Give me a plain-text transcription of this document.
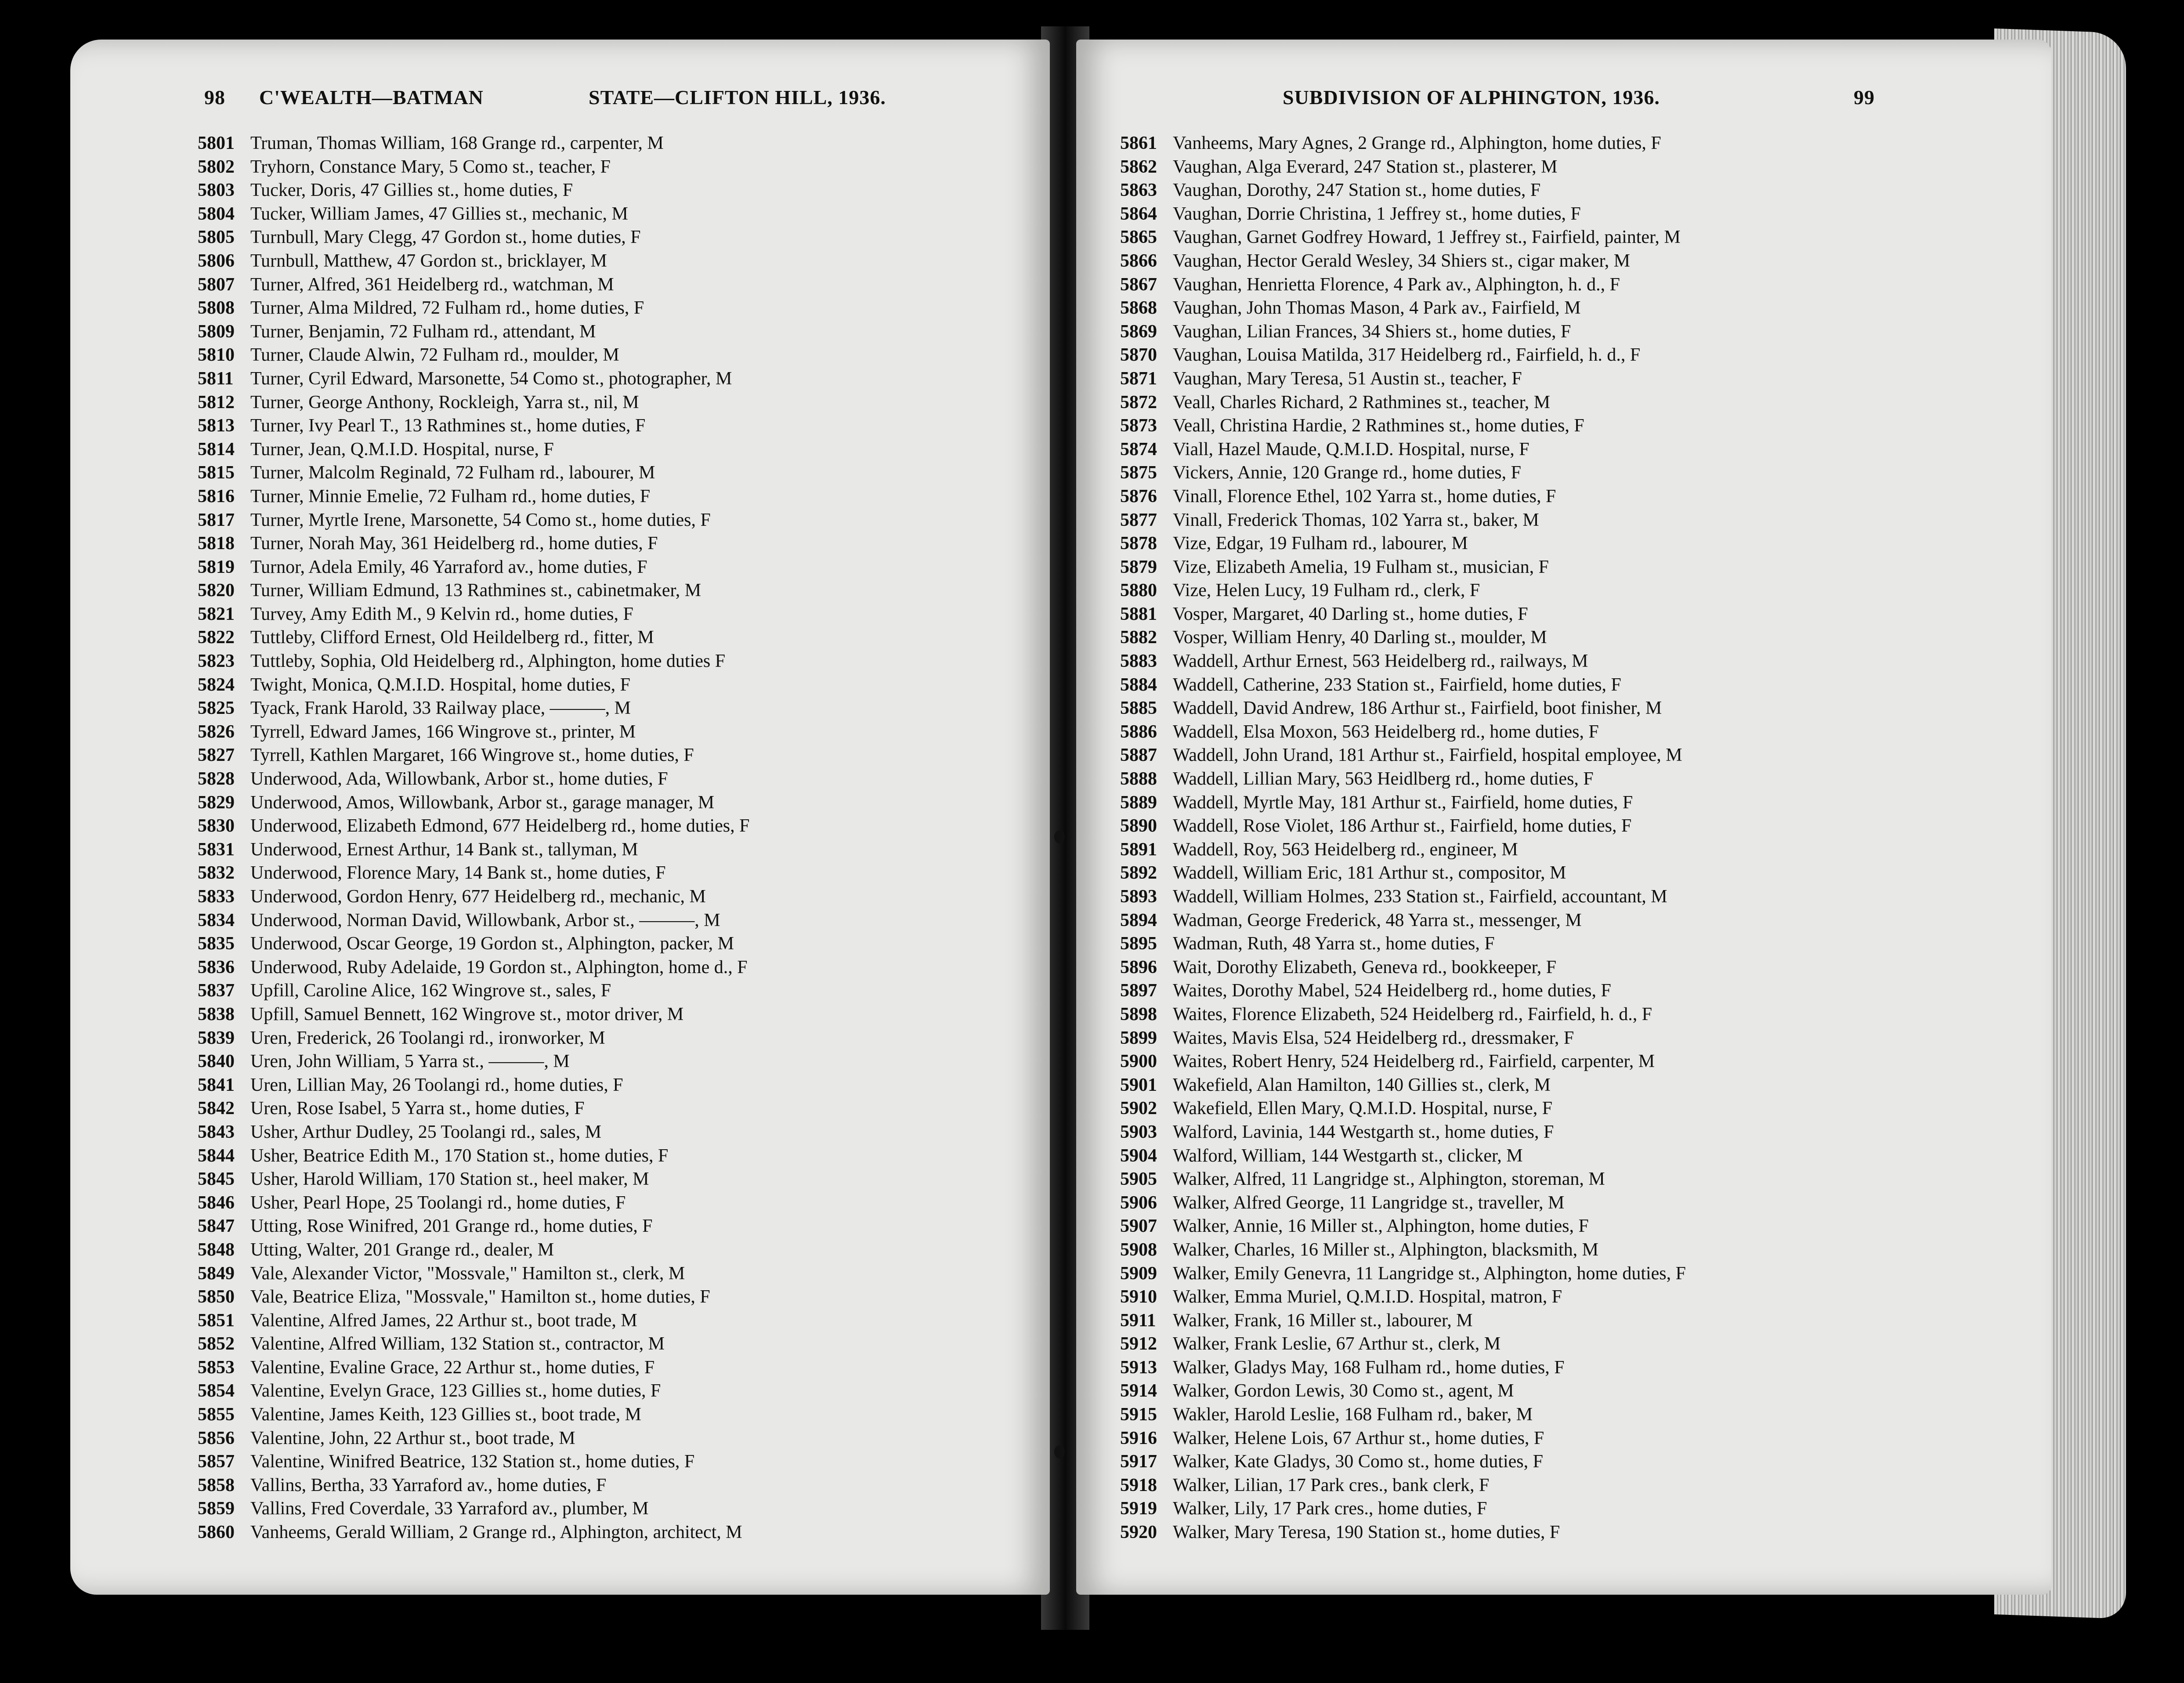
98 C'WEALTH—BATMAN	STATE—CLIFTON HILL, 1936.
5801 Truman, Thomas William, 168 Grange rd., carpenter, M
5802 Tryhorn, Constance Mary, 5 Como st., teacher, F
5803 Tucker, Doris, 47 Gillies st., home duties, F
5804 Tucker, William James, 47 Gillies st., mechanic, M
5805 Turnbull, Mary Clegg, 47 Gordon st., home duties, F
5806 Turnbull, Matthew, 47 Gordon st., bricklayer, M
5807 Turner, Alfred, 361 Heidelberg rd., watchman, M
5808 Turner, Alma Mildred, 72 Fulham rd., home duties, F
5809 Turner, Benjamin, 72 Fulham rd., attendant, M
5810 Turner, Claude Alwin, 72 Fulham rd., moulder, M
5811 Turner, Cyril Edward, Marsonette, 54 Como st., photographer, M
5812 Turner, George Anthony, Rockleigh, Yarra st., nil, M
5813 Turner, Ivy Pearl T., 13 Rathmines st., home duties, F
5814 Turner, Jean, Q.M.I.D. Hospital, nurse, F
5815 Turner, Malcolm Reginald, 72 Fulham rd., labourer, M
5816 Turner, Minnie Emelie, 72 Fulham rd., home duties, F
5817 Turner, Myrtle Irene, Marsonette, 54 Como st., home duties, F
5818 Turner, Norah May, 361 Heidelberg rd., home duties, F
5819 Turnor, Adela Emily, 46 Yarraford av., home duties, F
5820 Turner, William Edmund, 13 Rathmines st., cabinetmaker, M
5821 Turvey, Amy Edith M., 9 Kelvin rd., home duties, F
5822 Tuttleby, Clifford Ernest, Old Heildelberg rd., fitter, M
5823 Tuttleby, Sophia, Old Heidelberg rd., Alphington, home duties F
5824 Twight, Monica, Q.M.I.D. Hospital, home duties, F
5825 Tyack, Frank Harold, 33 Railway place, ———, M
5826 Tyrrell, Edward James, 166 Wingrove st., printer, M
5827 Tyrrell, Kathlen Margaret, 166 Wingrove st., home duties, F
5828 Underwood, Ada, Willowbank, Arbor st., home duties, F
5829 Underwood, Amos, Willowbank, Arbor st., garage manager, M
5830 Underwood, Elizabeth Edmond, 677 Heidelberg rd., home duties, F
5831 Underwood, Ernest Arthur, 14 Bank st., tallyman, M
5832 Underwood, Florence Mary, 14 Bank st., home duties, F
5833 Underwood, Gordon Henry, 677 Heidelberg rd., mechanic, M
5834 Underwood, Norman David, Willowbank, Arbor st., ———, M
5835 Underwood, Oscar George, 19 Gordon st., Alphington, packer, M
5836 Underwood, Ruby Adelaide, 19 Gordon st., Alphington, home d., F
5837 Upfill, Caroline Alice, 162 Wingrove st., sales, F
5838 Upfill, Samuel Bennett, 162 Wingrove st., motor driver, M
5839 Uren, Frederick, 26 Toolangi rd., ironworker, M
5840 Uren, John William, 5 Yarra st., ———, M
5841 Uren, Lillian May, 26 Toolangi rd., home duties, F
5842 Uren, Rose Isabel, 5 Yarra st., home duties, F
5843 Usher, Arthur Dudley, 25 Toolangi rd., sales, M
5844 Usher, Beatrice Edith M., 170 Station st., home duties, F
5845 Usher, Harold William, 170 Station st., heel maker, M
5846 Usher, Pearl Hope, 25 Toolangi rd., home duties, F
5847 Utting, Rose Winifred, 201 Grange rd., home duties, F
5848 Utting, Walter, 201 Grange rd., dealer, M
5849 Vale, Alexander Victor, "Mossvale," Hamilton st., clerk, M
5850 Vale, Beatrice Eliza, "Mossvale," Hamilton st., home duties, F
5851 Valentine, Alfred James, 22 Arthur st., boot trade, M
5852 Valentine, Alfred William, 132 Station st., contractor, M
5853 Valentine, Evaline Grace, 22 Arthur st., home duties, F
5854 Valentine, Evelyn Grace, 123 Gillies st., home duties, F
5855 Valentine, James Keith, 123 Gillies st., boot trade, M
5856 Valentine, John, 22 Arthur st., boot trade, M
5857 Valentine, Winifred Beatrice, 132 Station st., home duties, F
5858 Vallins, Bertha, 33 Yarraford av., home duties, F
5859 Vallins, Fred Coverdale, 33 Yarraford av., plumber, M
5860 Vanheems, Gerald William, 2 Grange rd., Alphington, architect, M
SUBDIVISION OF ALPHINGTON, 1936.	99
5861 Vanheems, Mary Agnes, 2 Grange rd., Alphington, home duties, F
5862 Vaughan, Alga Everard, 247 Station st., plasterer, M
5863 Vaughan, Dorothy, 247 Station st., home duties, F
5864 Vaughan, Dorrie Christina, 1 Jeffrey st., home duties, F
5865 Vaughan, Garnet Godfrey Howard, 1 Jeffrey st., Fairfield, painter, M
5866 Vaughan, Hector Gerald Wesley, 34 Shiers st., cigar maker, M
5867 Vaughan, Henrietta Florence, 4 Park av., Alphington, h. d., F
5868 Vaughan, John Thomas Mason, 4 Park av., Fairfield, M
5869 Vaughan, Lilian Frances, 34 Shiers st., home duties, F
5870 Vaughan, Louisa Matilda, 317 Heidelberg rd., Fairfield, h. d., F
5871 Vaughan, Mary Teresa, 51 Austin st., teacher, F
5872 Veall, Charles Richard, 2 Rathmines st., teacher, M
5873 Veall, Christina Hardie, 2 Rathmines st., home duties, F
5874 Viall, Hazel Maude, Q.M.I.D. Hospital, nurse, F
5875 Vickers, Annie, 120 Grange rd., home duties, F
5876 Vinall, Florence Ethel, 102 Yarra st., home duties, F
5877 Vinall, Frederick Thomas, 102 Yarra st., baker, M
5878 Vize, Edgar, 19 Fulham rd., labourer, M
5879 Vize, Elizabeth Amelia, 19 Fulham st., musician, F
5880 Vize, Helen Lucy, 19 Fulham rd., clerk, F
5881 Vosper, Margaret, 40 Darling st., home duties, F
5882 Vosper, William Henry, 40 Darling st., moulder, M
5883 Waddell, Arthur Ernest, 563 Heidelberg rd., railways, M
5884 Waddell, Catherine, 233 Station st., Fairfield, home duties, F
5885 Waddell, David Andrew, 186 Arthur st., Fairfield, boot finisher, M
5886 Waddell, Elsa Moxon, 563 Heidelberg rd., home duties, F
5887 Waddell, John Urand, 181 Arthur st., Fairfield, hospital employee, M
5888 Waddell, Lillian Mary, 563 Heidlberg rd., home duties, F
5889 Waddell, Myrtle May, 181 Arthur st., Fairfield, home duties, F
5890 Waddell, Rose Violet, 186 Arthur st., Fairfield, home duties, F
5891 Waddell, Roy, 563 Heidelberg rd., engineer, M
5892 Waddell, William Eric, 181 Arthur st., compositor, M
5893 Waddell, William Holmes, 233 Station st., Fairfield, accountant, M
5894 Wadman, George Frederick, 48 Yarra st., messenger, M
5895 Wadman, Ruth, 48 Yarra st., home duties, F
5896 Wait, Dorothy Elizabeth, Geneva rd., bookkeeper, F
5897 Waites, Dorothy Mabel, 524 Heidelberg rd., home duties, F
5898 Waites, Florence Elizabeth, 524 Heidelberg rd., Fairfield, h. d., F
5899 Waites, Mavis Elsa, 524 Heidelberg rd., dressmaker, F
5900 Waites, Robert Henry, 524 Heidelberg rd., Fairfield, carpenter, M
5901 Wakefield, Alan Hamilton, 140 Gillies st., clerk, M
5902 Wakefield, Ellen Mary, Q.M.I.D. Hospital, nurse, F
5903 Walford, Lavinia, 144 Westgarth st., home duties, F
5904 Walford, William, 144 Westgarth st., clicker, M
5905 Walker, Alfred, 11 Langridge st., Alphington, storeman, M
5906 Walker, Alfred George, 11 Langridge st., traveller, M
5907 Walker, Annie, 16 Miller st., Alphington, home duties, F
5908 Walker, Charles, 16 Miller st., Alphington, blacksmith, M
5909 Walker, Emily Genevra, 11 Langridge st., Alphington, home duties, F
5910 Walker, Emma Muriel, Q.M.I.D. Hospital, matron, F
5911 Walker, Frank, 16 Miller st., labourer, M
5912 Walker, Frank Leslie, 67 Arthur st., clerk, M
5913 Walker, Gladys May, 168 Fulham rd., home duties, F
5914 Walker, Gordon Lewis, 30 Como st., agent, M
5915 Wakler, Harold Leslie, 168 Fulham rd., baker, M
5916 Walker, Helene Lois, 67 Arthur st., home duties, F
5917 Walker, Kate Gladys, 30 Como st., home duties, F
5918 Walker, Lilian, 17 Park cres., bank clerk, F
5919 Walker, Lily, 17 Park cres., home duties, F
5920 Walker, Mary Teresa, 190 Station st., home duties, F
